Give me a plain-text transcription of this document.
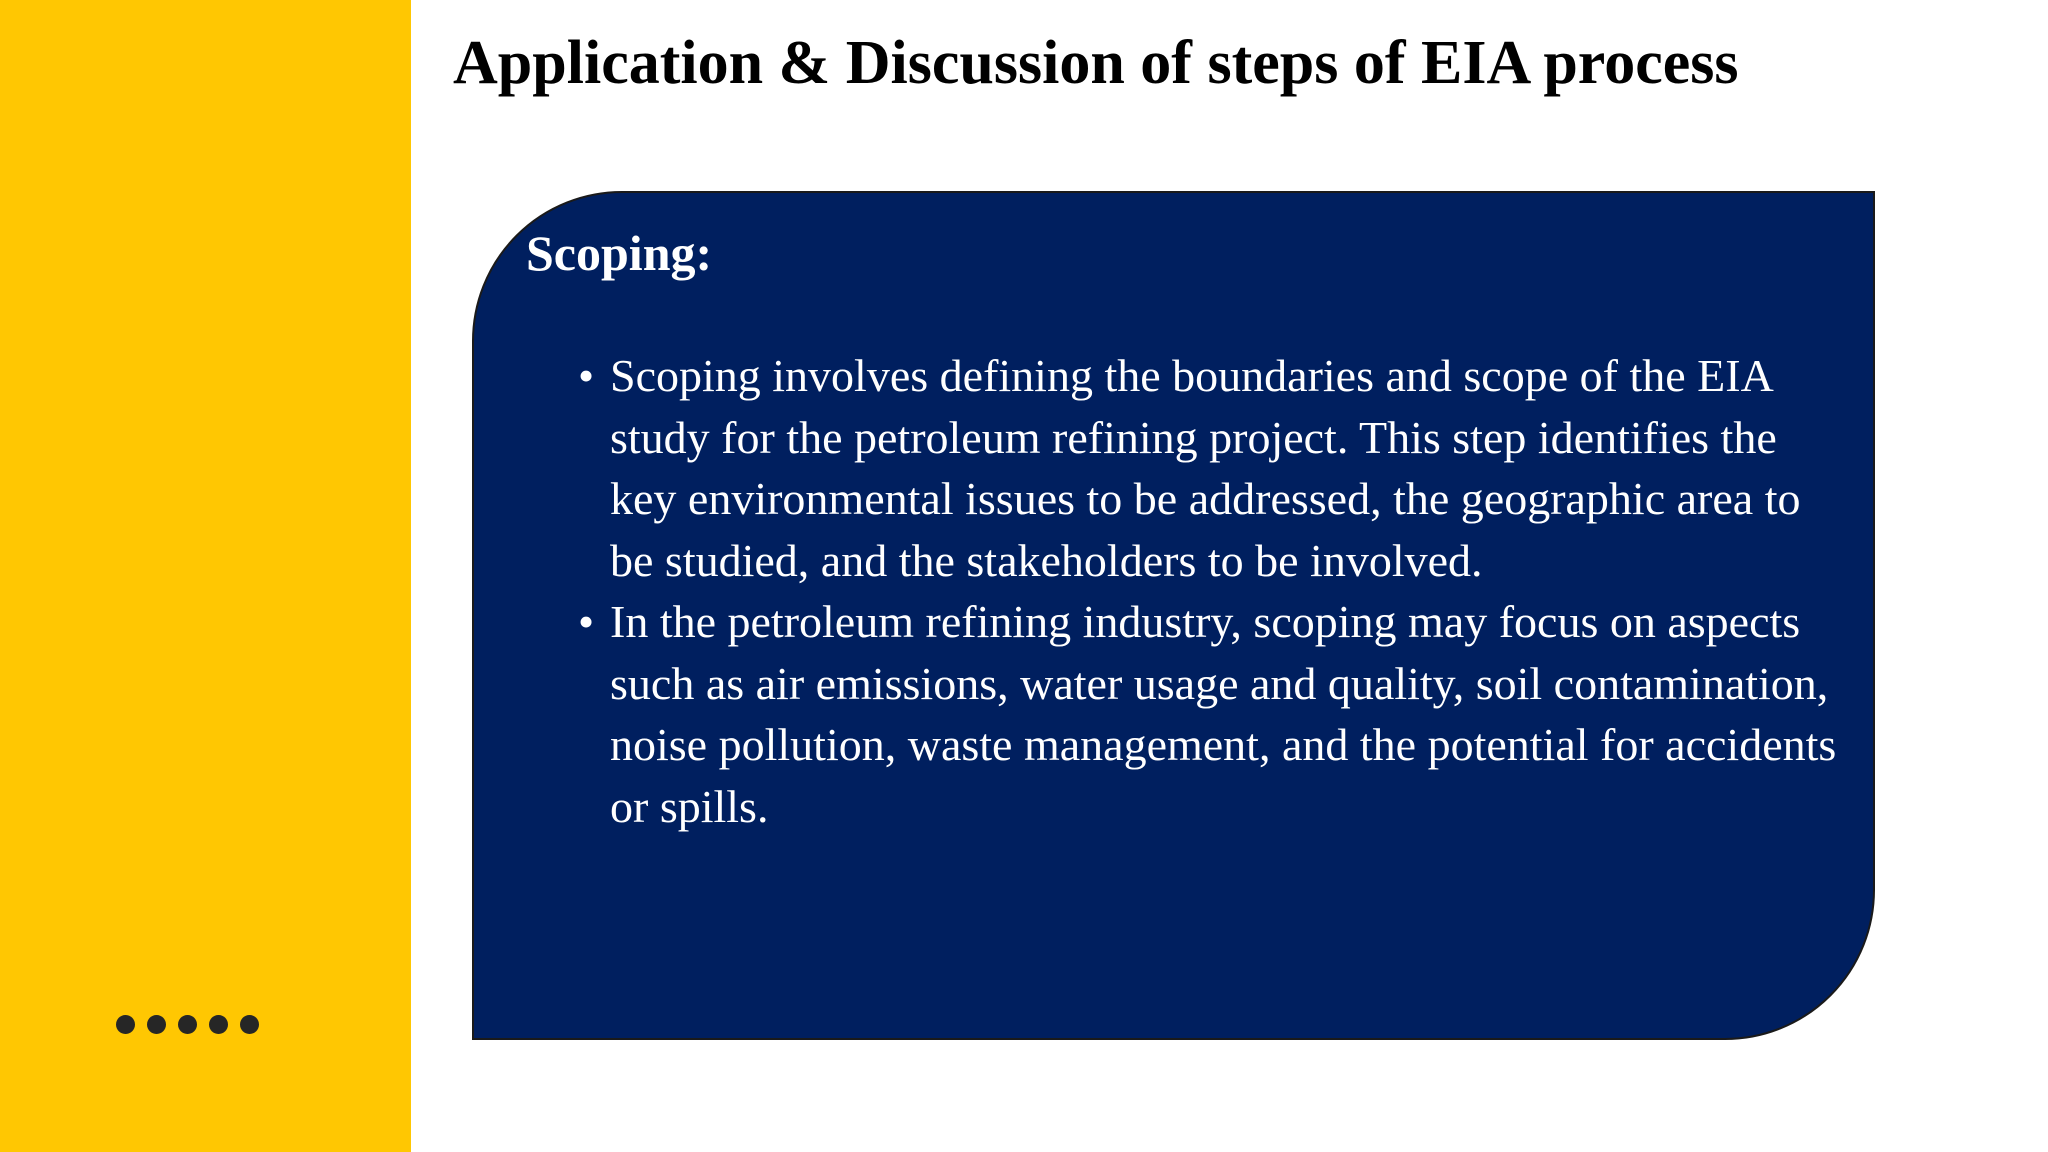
Application & Discussion of steps of EIA process
Scoping:
• Scoping involves defining the boundaries and scope of the EIA study for the petroleum refining project. This step identifies the key environmental issues to be addressed, the geographic area to be studied, and the stakeholders to be involved.
• In the petroleum refining industry, scoping may focus on aspects such as air emissions, water usage and quality, soil contamination, noise pollution, waste management, and the potential for accidents or spills.
